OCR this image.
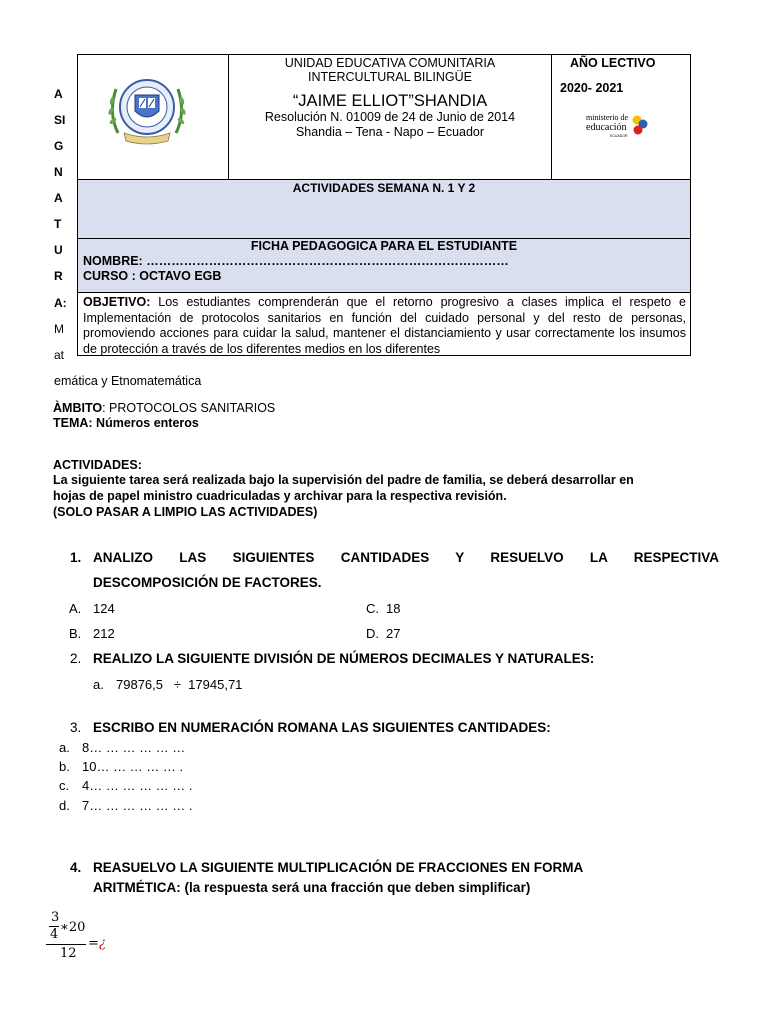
A
SI
G
N
A
T
U
R
A:
M
at
emática y Etnomatemática
UNIDAD EDUCATIVA COMUNITARIA
INTERCULTURAL BILINGÜE
“JAIME ELLIOT”SHANDIA
Resolución N. 01009 de 24 de Junio de 2014
Shandia – Tena - Napo – Ecuador
AÑO LECTIVO
2020- 2021
ministerio de
educación
ECUADOR
ACTIVIDADES SEMANA N. 1 Y 2
FICHA PEDAGOGICA PARA EL ESTUDIANTE
NOMBRE: ……………………………………………………………………………
CURSO : OCTAVO EGB
OBJETIVO: Los estudiantes comprenderán que el retorno progresivo a clases implica el respeto e Implementación de protocolos sanitarios en función del cuidado personal y del resto de personas, promoviendo acciones para cuidar la salud, mantener el distanciamiento y usar correctamente los insumos de protección a través de los diferentes medios en los diferentes
ÀMBITO: PROTOCOLOS SANITARIOS
TEMA: Números enteros
ACTIVIDADES:
La siguiente tarea será realizada bajo la supervisión del padre de familia, se deberá desarrollar en
hojas de papel ministro cuadriculadas y archivar para la respectiva revisión.
(SOLO PASAR A LIMPIO LAS ACTIVIDADES)
1. ANALIZO LAS SIGUIENTES CANTIDADES Y RESUELVO LA RESPECTIVA
DESCOMPOSICIÓN DE FACTORES.
A. 124	C. 18
B. 212	D. 27
2. REALIZO LA SIGUIENTE DIVISIÓN DE NÚMEROS DECIMALES Y NATURALES:
a. 79876,5   ÷  17945,71
3. ESCRIBO EN NUMERACIÓN ROMANA LAS SIGUIENTES CANTIDADES:
a. 8… … … … … …
b. 10… … … … … .
c. 4… … … … … … .
d. 7… … … … … … .
4. REASUELVO LA SIGUIENTE MULTIPLICACIÓN DE FRACCIONES EN FORMA
ARITMÉTICA: (la respuesta será una fracción que deben simplificar)
3
4 ∗20
12
= ¿
